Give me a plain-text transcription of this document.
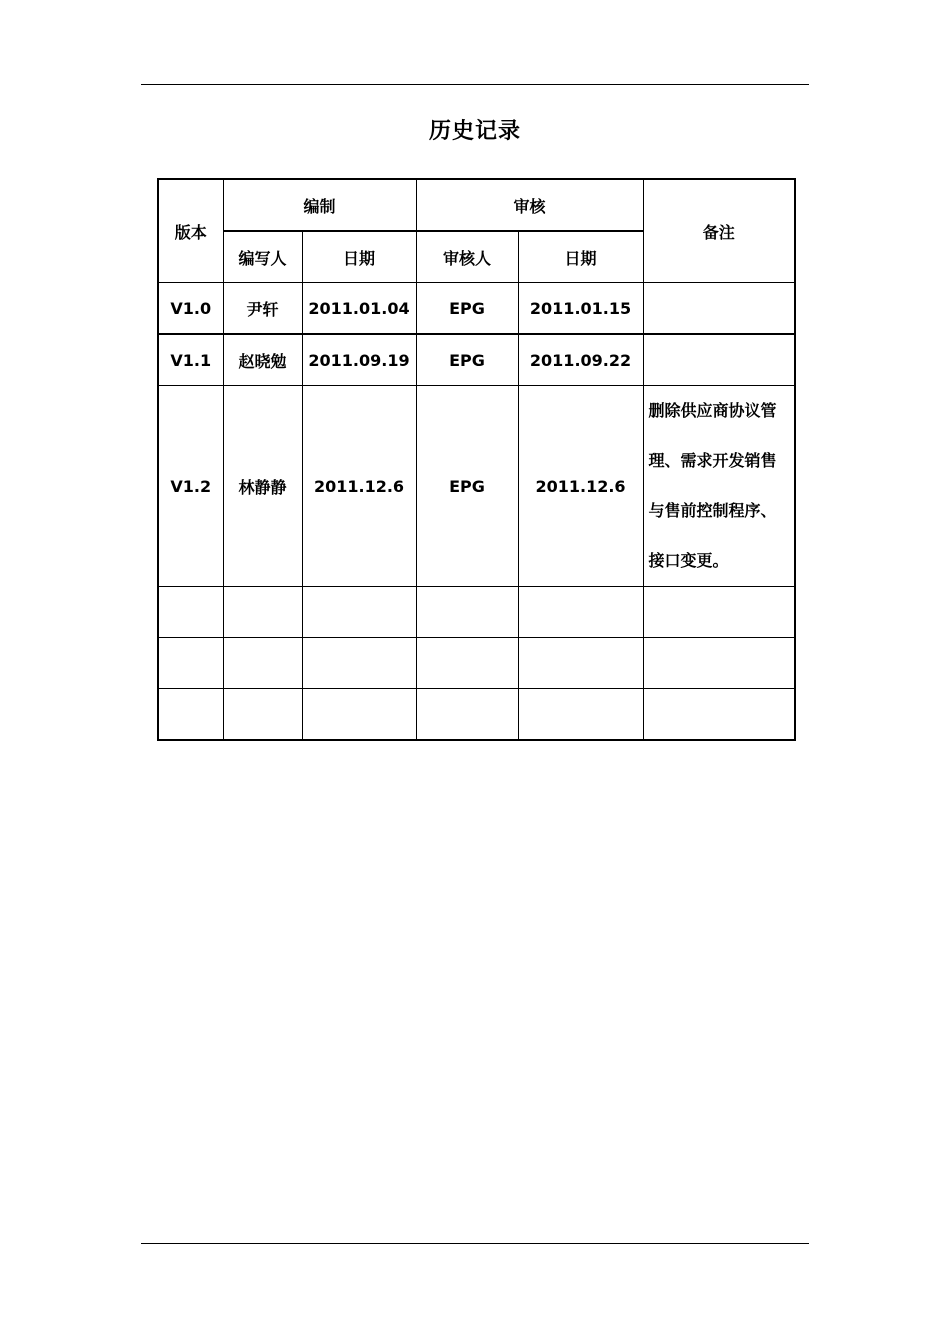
历史记录
版本	编制		审核		备注
	编写人	日期	审核人	日期	
V1.0	尹轩	2011.01.04	EPG	2011.01.15	
V1.1	赵晓勉	2011.09.19	EPG	2011.09.22	
V1.2	林静静	2011.12.6	EPG	2011.12.6	删除供应商协议管理、需求开发销售与售前控制程序、接口变更。
